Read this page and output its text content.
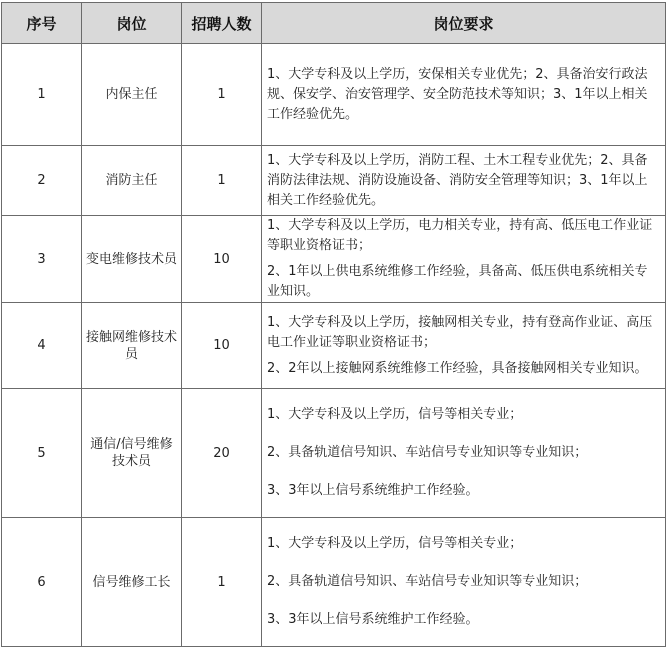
序号	岗位	招聘人数	岗位要求
1	内保主任	1	1、大学专科及以上学历，安保相关专业优先；2、具备治安行政法规、保安学、治安管理学、安全防范技术等知识；3、1年以上相关工作经验优先。

2	消防主任	1	1、大学专科及以上学历，消防工程、土木工程专业优先；2、具备消防法律法规、消防设施设备、消防安全管理等知识；3、1年以上相关工作经验优先。

3	变电维修技术员	10	1、大学专科及以上学历，电力相关专业，持有高、低压电工作业证等职业资格证书；

2、1年以上供电系统维修工作经验，具备高、低压供电系统相关专业知识。

4	接触网维修技术员	10	1、大学专科及以上学历，接触网相关专业，持有登高作业证、高压电工作业证等职业资格证书；

2、2年以上接触网系统维修工作经验，具备接触网相关专业知识。

5	通信/信号维修技术员	20	1、大学专科及以上学历，信号等相关专业；

2、具备轨道信号知识、车站信号专业知识等专业知识；

3、3年以上信号系统维护工作经验。

6	信号维修工长	1	1、大学专科及以上学历，信号等相关专业；

2、具备轨道信号知识、车站信号专业知识等专业知识；

3、3年以上信号系统维护工作经验。
